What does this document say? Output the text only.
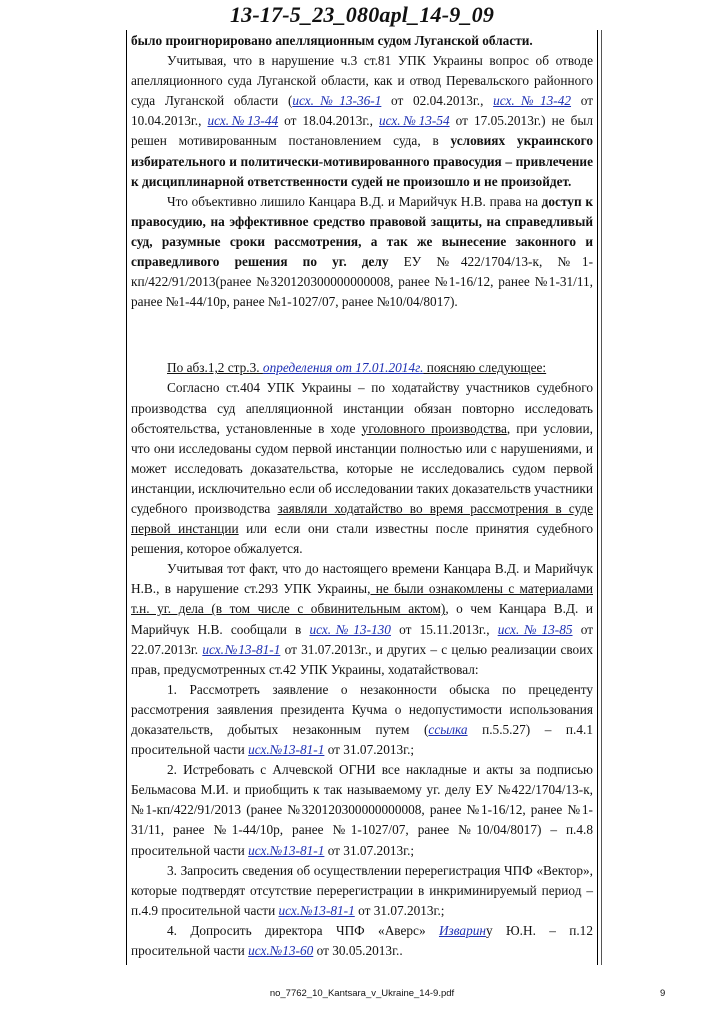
13-17-5_23_080apl_14-9_09

было проигнорировано апелляционным судом Луганской области.

Учитывая, что в нарушение ч.3 ст.81 УПК Украины вопрос об отводе апелляционного суда Луганской области, как и отвод Перевальского районного суда Луганской области (исх.№13-36-1 от 02.04.2013г., исх.№13-42 от 10.04.2013г., исх.№13-44 от 18.04.2013г., исх.№13-54 от 17.05.2013г.) не был решен мотивированным постановлением суда, в условиях украинского избирательного и политически-мотивированного правосудия – привлечение к дисциплинарной ответственности судей не произошло и не произойдет.

Что объективно лишило Канцара В.Д. и Марийчук Н.В. права на доступ к правосудию, на эффективное средство правовой защиты, на справедливый суд, разумные сроки рассмотрения, а так же вынесение законного и справедливого решения по уг. делу ЕУ №422/1704/13-к, №1-кп/422/91/2013(ранее №320120300000000008, ранее №1-16/12, ранее №1-31/11, ранее №1-44/10р, ранее №1-1027/07, ранее №10/04/8017).

По абз.1,2 стр.3. определения от 17.01.2014г. поясняю следующее:

Согласно ст.404 УПК Украины – по ходатайству участников судебного производства суд апелляционной инстанции обязан повторно исследовать обстоятельства, установленные в ходе уголовного производства, при условии, что они исследованы судом первой инстанции полностью или с нарушениями, и может исследовать доказательства, которые не исследовались судом первой инстанции, исключительно если об исследовании таких доказательств участники судебного производства заявляли ходатайство во время рассмотрения в суде первой инстанции или если они стали известны после принятия судебного решения, которое обжалуется.

Учитывая тот факт, что до настоящего времени Канцара В.Д. и Марийчук Н.В., в нарушение ст.293 УПК Украины, не были ознакомлены с материалами т.н. уг. дела (в том числе с обвинительным актом), о чем Канцара В.Д. и Марийчук Н.В. сообщали в исх.№13-130 от 15.11.2013г., исх.№13-85 от 22.07.2013г. исх.№13-81-1 от 31.07.2013г., и других – с целью реализации своих прав, предусмотренных ст.42 УПК Украины, ходатайствовал:

1. Рассмотреть заявление о незаконности обыска по прецеденту рассмотрения заявления президента Кучма о недопустимости использования доказательств, добытых незаконным путем (ссылка п.5.5.27) – п.4.1 просительной части исх.№13-81-1 от 31.07.2013г.;

2. Истребовать с Алчевской ОГНИ все накладные и акты за подписью Бельмасова М.И. и приобщить к так называемому уг. делу ЕУ №422/1704/13-к, №1-кп/422/91/2013 (ранее №320120300000000008, ранее №1-16/12, ранее №1-31/11, ранее №1-44/10р, ранее №1-1027/07, ранее №10/04/8017) – п.4.8 просительной части исх.№13-81-1 от 31.07.2013г.;

3. Запросить сведения об осуществлении перерегистрация ЧПФ «Вектор», которые подтвердят отсутствие перерегистрации в инкриминируемый период – п.4.9 просительной части исх.№13-81-1 от 31.07.2013г.;

4. Допросить директора ЧПФ «Аверс» Изварину Ю.Н. – п.12 просительной части исх.№13-60 от 30.05.2013г..

no_7762_10_Kantsara_v_Ukraine_14-9.pdf	9
